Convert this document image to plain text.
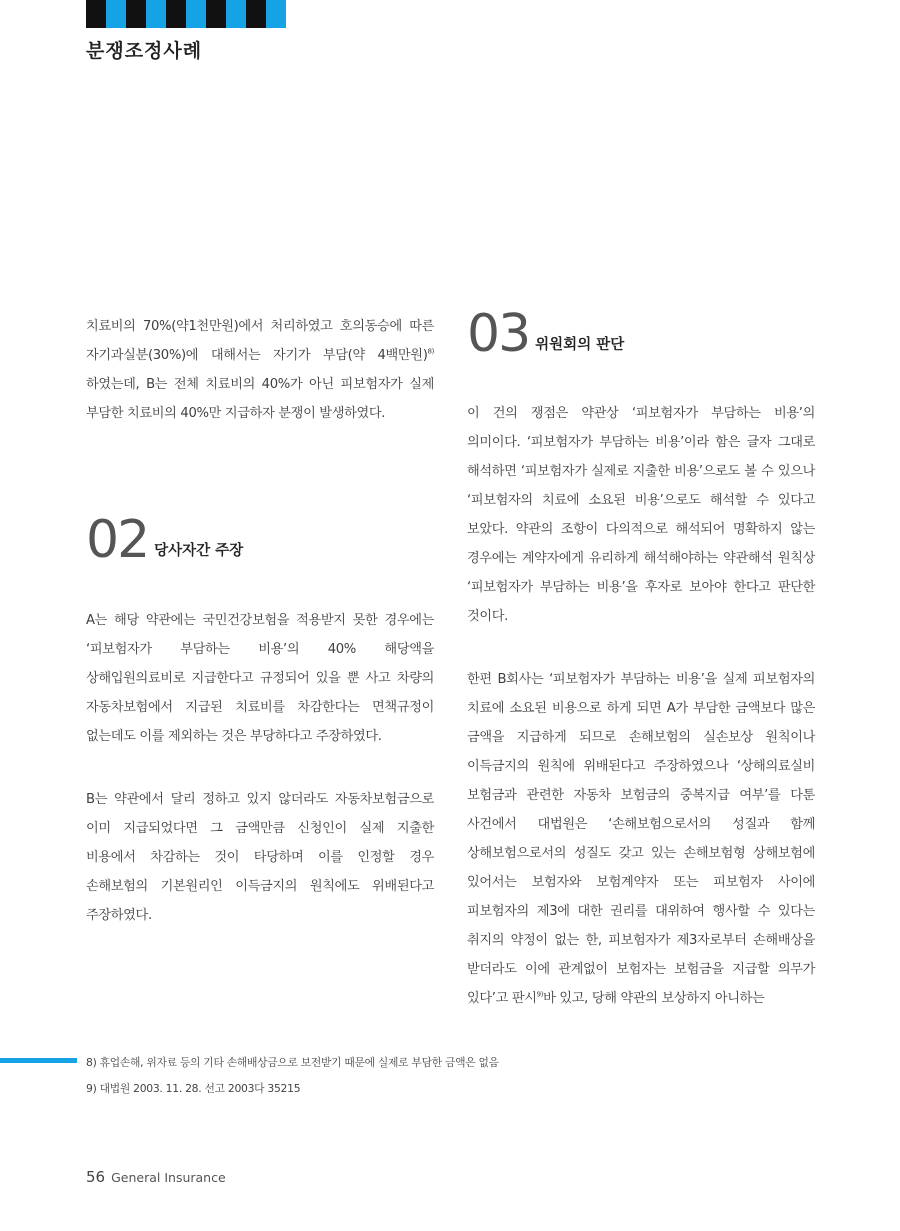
분쟁조정사례

치료비의 70%(약1천만원)에서 처리하였고 호의동승에 따른 자기과실분(30%)에 대해서는 자기가 부담(약 4백만원)$^{8)}$하였는데, B는 전체 치료비의 40%가 아닌 피보험자가 실제 부담한 치료비의 40%만 지급하자 분쟁이 발생하였다.

02 당사자간 주장

A는 해당 약관에는 국민건강보험을 적용받지 못한 경우에는 ‘피보험자가 부담하는 비용’의 40% 해당액을 상해입원의료비로 지급한다고 규정되어 있을 뿐 사고 차량의 자동차보험에서 지급된 치료비를 차감한다는 면책규정이 없는데도 이를 제외하는 것은 부당하다고 주장하였다.

B는 약관에서 달리 정하고 있지 않더라도 자동차보험금으로 이미 지급되었다면 그 금액만큼 신청인이 실제 지출한 비용에서 차감하는 것이 타당하며 이를 인정할 경우 손해보험의 기본원리인 이득금지의 원칙에도 위배된다고 주장하였다.

03 위원회의 판단

이 건의 쟁점은 약관상 ‘피보험자가 부담하는 비용’의 의미이다. ‘피보험자가 부담하는 비용’이라 함은 글자 그대로 해석하면 ‘피보험자가 실제로 지출한 비용’으로도 볼 수 있으나 ‘피보험자의 치료에 소요된 비용’으로도 해석할 수 있다고 보았다. 약관의 조항이 다의적으로 해석되어 명확하지 않는 경우에는 계약자에게 유리하게 해석해야하는 약관해석 원칙상 ‘피보험자가 부담하는 비용’을 후자로 보아야 한다고 판단한 것이다.

한편 B회사는 ‘피보험자가 부담하는 비용’을 실제 피보험자의 치료에 소요된 비용으로 하게 되면 A가 부담한 금액보다 많은 금액을 지급하게 되므로 손해보험의 실손보상 원칙이나 이득금지의 원칙에 위배된다고 주장하였으나 ‘상해의료실비 보험금과 관련한 자동차 보험금의 중복지급 여부’를 다툰 사건에서 대법원은 ‘손해보험으로서의 성질과 함께 상해보험으로서의 성질도 갖고 있는 손해보험형 상해보험에 있어서는 보험자와 보험계약자 또는 피보험자 사이에 피보험자의 제3에 대한 권리를 대위하여 행사할 수 있다는 취지의 약정이 없는 한, 피보험자가 제3자로부터 손해배상을 받더라도 이에 관계없이 보험자는 보험금을 지급할 의무가 있다’고 판시$^{9)}$바 있고, 당해 약관의 보상하지 아니하는

8) 휴업손해, 위자료 등의 기타 손해배상금으로 보전받기 때문에 실제로 부담한 금액은 없음

9) 대법원 2003. 11. 28. 선고 2003다 35215

56 General Insurance
